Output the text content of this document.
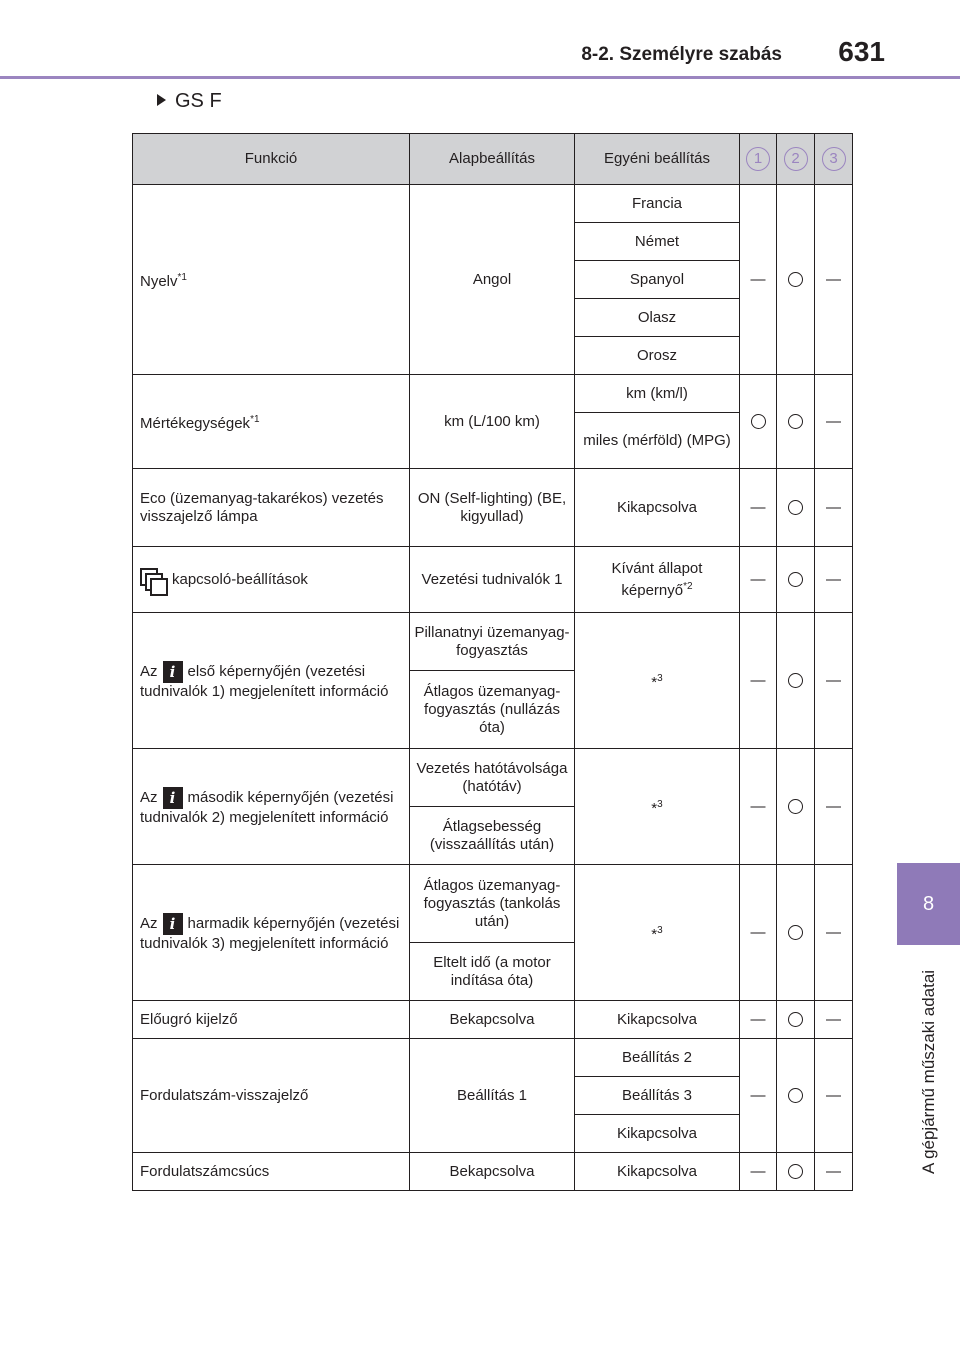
8-2. Személyre szabás 631
8
A gépjármű műszaki adatai
GS F
Funkció	Alapbeállítás	Egyéni beállítás	1	2	3
Nyelv$^{*1}$	Angol	Francia	—		—
		Német			
		Spanyol			
		Olasz			
		Orosz			
Mértékegységek$^{*1}$	km (L/100 km)	km (km/l)			—
		miles (mérföld) (MPG)			
Eco (üzemanyag-takarékos) vezetés visszajelző lámpa	ON (Self-lighting) (BE, kigyullad)	Kikapcsolva	—		—

kapcsoló-beállítások	Vezetési tudnivalók 1	Kívánt állapot képernyő$^{*2}$	—		—
Az i első képernyőjén (vezetési tudnivalók 1) megjelenített információ	Pillanatnyi üzemanyag-fogyasztás	*$^3$	—		—
	Átlagos üzemanyag-fogyasztás (nullázás óta)				
Az i második képernyőjén (vezetési tudnivalók 2) megjelenített információ	Vezetés hatótávolsága (hatótáv)	*$^3$	—		—
	Átlagsebesség (visszaállítás után)				
Az i harmadik képernyőjén (vezetési tudnivalók 3) megjelenített információ	Átlagos üzemanyag-fogyasztás (tankolás után)	*$^3$	—		—
	Eltelt idő (a motor indítása óta)				
Előugró kijelző	Bekapcsolva	Kikapcsolva	—		—
Fordulatszám-visszajelző	Beállítás 1	Beállítás 2	—		—
		Beállítás 3			
		Kikapcsolva			
Fordulatszámcsúcs	Bekapcsolva	Kikapcsolva	—		—
